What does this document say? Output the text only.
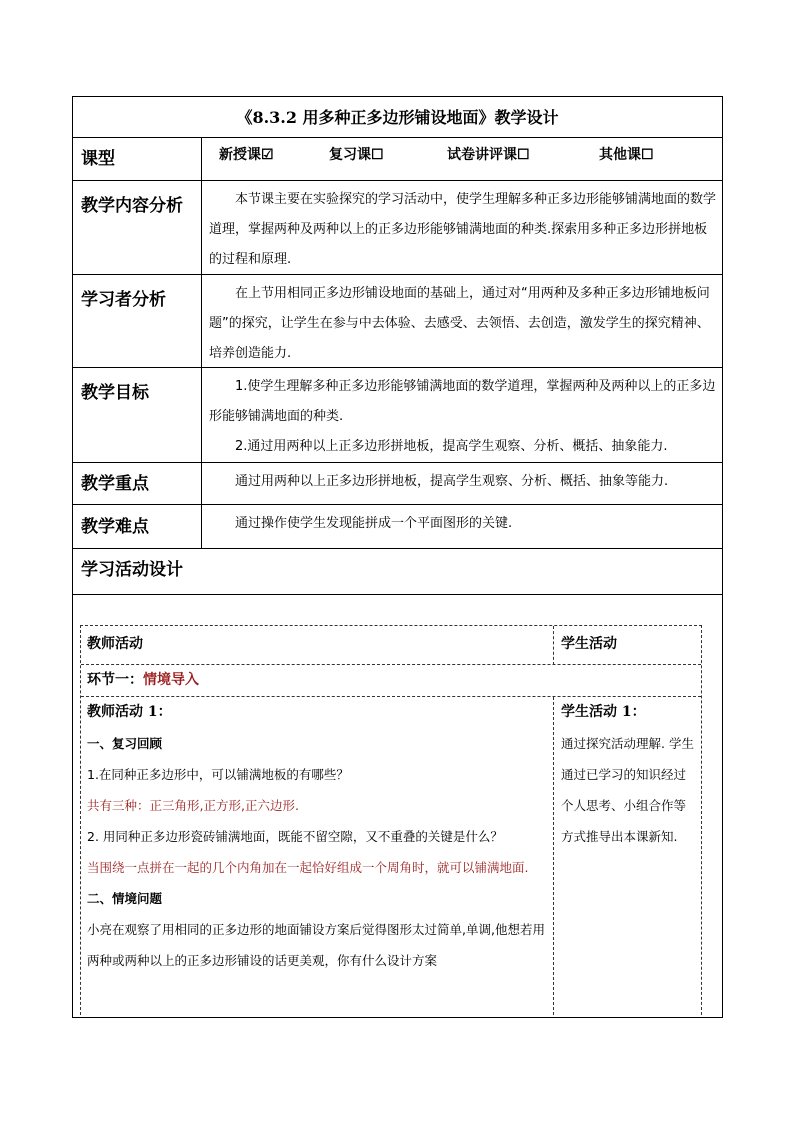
《8.3.2 用多种正多边形铺设地面》教学设计
课型	新授课☑	复习课☐	试卷讲评课☐	其他课☐
教学内容分析	本节课主要在实验探究的学习活动中，使学生理解多种正多边形能够铺满地面的数学道理，掌握两种及两种以上的正多边形能够铺满地面的种类.探索用多种正多边形拼地板的过程和原理.
学习者分析	在上节用相同正多边形铺设地面的基础上，通过对“用两种及多种正多边形铺地板问题”的探究，让学生在参与中去体验、去感受、去领悟、去创造，激发学生的探究精神、培养创造能力.
教学目标	1.使学生理解多种正多边形能够铺满地面的数学道理，掌握两种及两种以上的正多边形能够铺满地面的种类.
2.通过用两种以上正多边形拼地板，提高学生观察、分析、概括、抽象能力.
教学重点	通过用两种以上正多边形拼地板，提高学生观察、分析、概括、抽象等能力.
教学难点	通过操作使学生发现能拼成一个平面图形的关键.
学习活动设计
教师活动	学生活动
环节一：情境导入
教师活动 1：
一、复习回顾
1.在同种正多边形中，可以铺满地板的有哪些？
共有三种：正三角形,正方形,正六边形.
2. 用同种正多边形瓷砖铺满地面，既能不留空隙，又不重叠的关键是什么？
当围绕一点拼在一起的几个内角加在一起恰好组成一个周角时，就可以铺满地面.
二、情境问题
小亮在观察了用相同的正多边形的地面铺设方案后觉得图形太过简单,单调,他想若用两种或两种以上的正多边形铺设的话更美观，你有什么设计方案
学生活动 1：
通过探究活动理解. 学生通过已学习的知识经过个人思考、小组合作等方式推导出本课新知.
